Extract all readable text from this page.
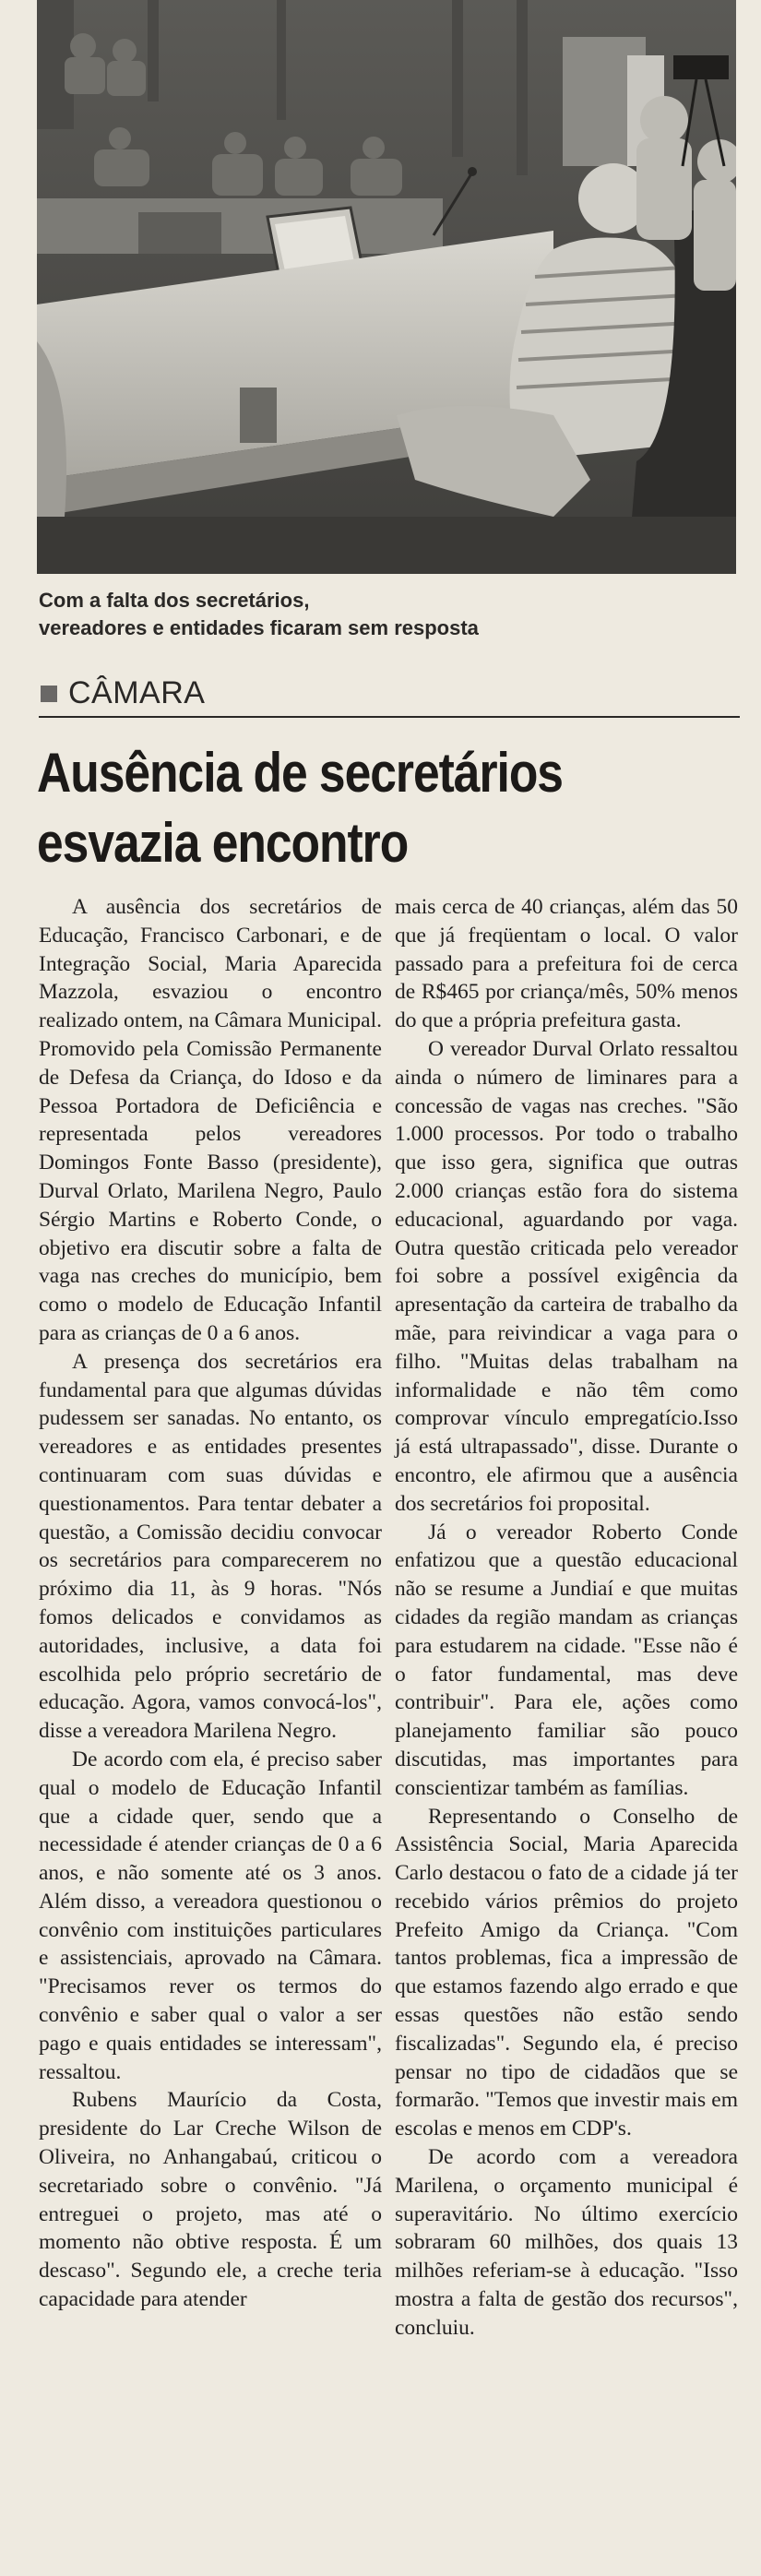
Com a falta dos secretários,
vereadores e entidades ficaram sem resposta
CÂMARA
Ausência de secretários
esvazia encontro

A ausência dos secretários de Educação, Francisco Carbonari, e de Integração Social, Maria Aparecida Mazzola, esvaziou o encontro realizado ontem, na Câmara Municipal. Promovido pela Comissão Permanente de Defesa da Criança, do Idoso e da Pessoa Portadora de Deficiência e representada pelos vereadores Domingos Fonte Basso (presidente), Durval Orlato, Marilena Negro, Paulo Sérgio Martins e Roberto Conde, o objetivo era discutir sobre a falta de vaga nas creches do município, bem como o modelo de Educação Infantil para as crianças de 0 a 6 anos.

A presença dos secretários era fundamental para que algumas dúvidas pudessem ser sanadas. No entanto, os vereadores e as entidades presentes continuaram com suas dúvidas e questionamentos. Para tentar debater a questão, a Comissão decidiu convocar os secretários para comparecerem no próximo dia 11, às 9 horas. "Nós fomos delicados e convidamos as autoridades, inclusive, a data foi escolhida pelo próprio secretário de educação. Agora, vamos convocá-los", disse a vereadora Marilena Negro.

De acordo com ela, é preciso saber qual o modelo de Educação Infantil que a cidade quer, sendo que a necessidade é atender crianças de 0 a 6 anos, e não somente até os 3 anos. Além disso, a vereadora questionou o convênio com instituições particulares e assistenciais, aprovado na Câmara. "Precisamos rever os termos do convênio e saber qual o valor a ser pago e quais entidades se interessam", ressaltou.

Rubens Maurício da Costa, presidente do Lar Creche Wilson de Oliveira, no Anhangabaú, criticou o secretariado sobre o convênio. "Já entreguei o projeto, mas até o momento não obtive resposta. É um descaso". Segundo ele, a creche teria capacidade para atender

mais cerca de 40 crianças, além das 50 que já freqüentam o local. O valor passado para a prefeitura foi de cerca de R$465 por criança/mês, 50% menos do que a própria prefeitura gasta.

O vereador Durval Orlato ressaltou ainda o número de liminares para a concessão de vagas nas creches. "São 1.000 processos. Por todo o trabalho que isso gera, significa que outras 2.000 crianças estão fora do sistema educacional, aguardando por vaga. Outra questão criticada pelo vereador foi sobre a possível exigência da apresentação da carteira de trabalho da mãe, para reivindicar a vaga para o filho. "Muitas delas trabalham na informalidade e não têm como comprovar vínculo empregatício.Isso já está ultrapassado", disse. Durante o encontro, ele afirmou que a ausência dos secretários foi proposital.

Já o vereador Roberto Conde enfatizou que a questão educacional não se resume a Jundiaí e que muitas cidades da região mandam as crianças para estudarem na cidade. "Esse não é o fator fundamental, mas deve contribuir". Para ele, ações como planejamento familiar são pouco discutidas, mas importantes para conscientizar também as famílias.

Representando o Conselho de Assistência Social, Maria Aparecida Carlo destacou o fato de a cidade já ter recebido vários prêmios do projeto Prefeito Amigo da Criança. "Com tantos problemas, fica a impressão de que estamos fazendo algo errado e que essas questões não estão sendo fiscalizadas". Segundo ela, é preciso pensar no tipo de cidadãos que se formarão. "Temos que investir mais em escolas e menos em CDP's.

De acordo com a vereadora Marilena, o orçamento municipal é superavitário. No último exercício sobraram 60 milhões, dos quais 13 milhões referiam-se à educação. "Isso mostra a falta de gestão dos recursos", concluiu.
